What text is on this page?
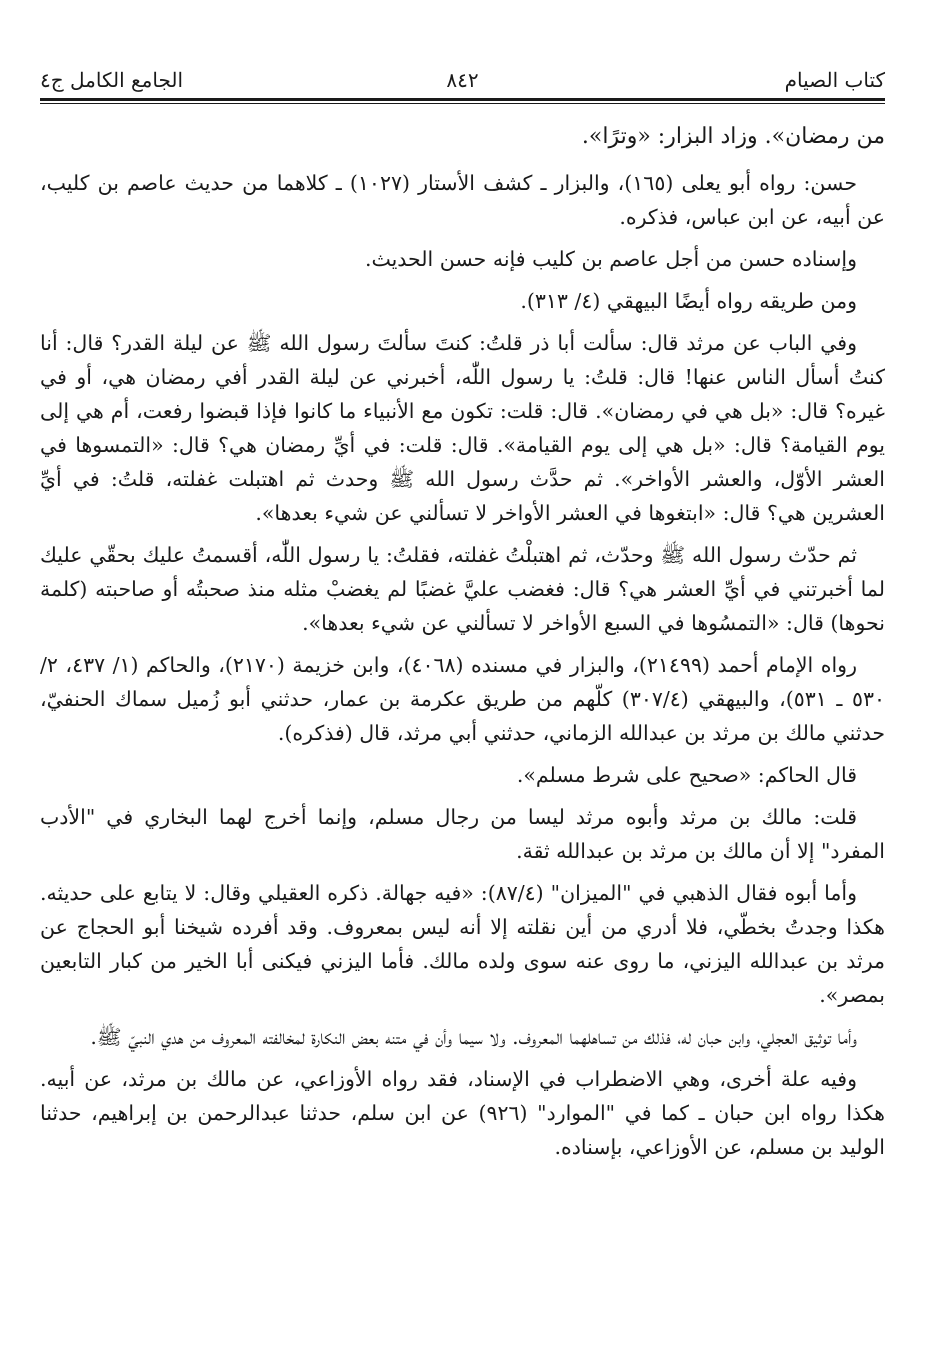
كتاب الصيام
٨٤٢
الجامع الكامل ج٤

من رمضان». وزاد البزار: «وترًا».

حسن: رواه أبو يعلى (١٦٥)، والبزار ـ كشف الأستار (١٠٢٧) ـ كلاهما من حديث عاصم بن كليب، عن أبيه، عن ابن عباس، فذكره.

وإسناده حسن من أجل عاصم بن كليب فإنه حسن الحديث.

ومن طريقه رواه أيضًا البيهقي (٤/ ٣١٣).

وفي الباب عن مرثد قال: سألت أبا ذر قلتُ: كنتَ سألتَ رسول الله ﷺ عن ليلة القدر؟ قال: أنا كنتُ أسأل الناس عنها! قال: قلتُ: يا رسول اللّٰه، أخبرني عن ليلة القدر أفي رمضان هي، أو في غيره؟ قال: «بل هي في رمضان». قال: قلت: تكون مع الأنبياء ما كانوا فإذا قبضوا رفعت، أم هي إلى يوم القيامة؟ قال: «بل هي إلى يوم القيامة». قال: قلت: في أيِّ رمضان هي؟ قال: «التمسوها في العشر الأوّل، والعشر الأواخر». ثم حدَّث رسول الله ﷺ وحدث ثم اهتبلت غفلته، قلتُ: في أيِّ العشرين هي؟ قال: «ابتغوها في العشر الأواخر لا تسألني عن شيء بعدها».

ثم حدّث رسول الله ﷺ وحدّث، ثم اهتبلْتُ غفلته، فقلتُ: يا رسول اللّٰه، أقسمتُ عليك بحقّي عليك لما أخبرتني في أيِّ العشر هي؟ قال: فغضب عليَّ غضبًا لم يغضبْ مثله منذ صحبتُه أو صاحبته (كلمة نحوها) قال: «التمسُوها في السبع الأواخر لا تسألني عن شيء بعدها».

رواه الإمام أحمد (٢١٤٩٩)، والبزار في مسنده (٤٠٦٨)، وابن خزيمة (٢١٧٠)، والحاكم (١/ ٤٣٧، ٢/ ٥٣٠ ـ ٥٣١)، والبيهقي (٣٠٧/٤) كلّهم من طريق عكرمة بن عمار، حدثني أبو زُميل سماك الحنفيّ، حدثني مالك بن مرثد بن عبدالله الزماني، حدثني أبي مرثد، قال (فذكره).

قال الحاكم: «صحيح على شرط مسلم».

قلت: مالك بن مرثد وأبوه مرثد ليسا من رجال مسلم، وإنما أخرج لهما البخاري في "الأدب المفرد" إلا أن مالك بن مرثد بن عبدالله ثقة.

وأما أبوه فقال الذهبي في "الميزان" (٨٧/٤): «فيه جهالة. ذكره العقيلي وقال: لا يتابع على حديثه. هكذا وجدتُ بخطّي، فلا أدري من أين نقلته إلا أنه ليس بمعروف. وقد أفرده شيخنا أبو الحجاج عن مرثد بن عبدالله اليزني، ما روى عنه سوى ولده مالك. فأما اليزني فيكنى أبا الخير من كبار التابعين بمصر».

وأما توثيق العجلي، وابن حبان له، فذلك من تساهلهما المعروف. ولا سيما وأن في متنه بعض النكارة لمخالفته المعروف من هدي النبيّ ﷺ.

وفيه علة أخرى، وهي الاضطراب في الإسناد، فقد رواه الأوزاعي، عن مالك بن مرثد، عن أبيه. هكذا رواه ابن حبان ـ كما في "الموارد" (٩٢٦) عن ابن سلم، حدثنا عبدالرحمن بن إبراهيم، حدثنا الوليد بن مسلم، عن الأوزاعي، بإسناده.
